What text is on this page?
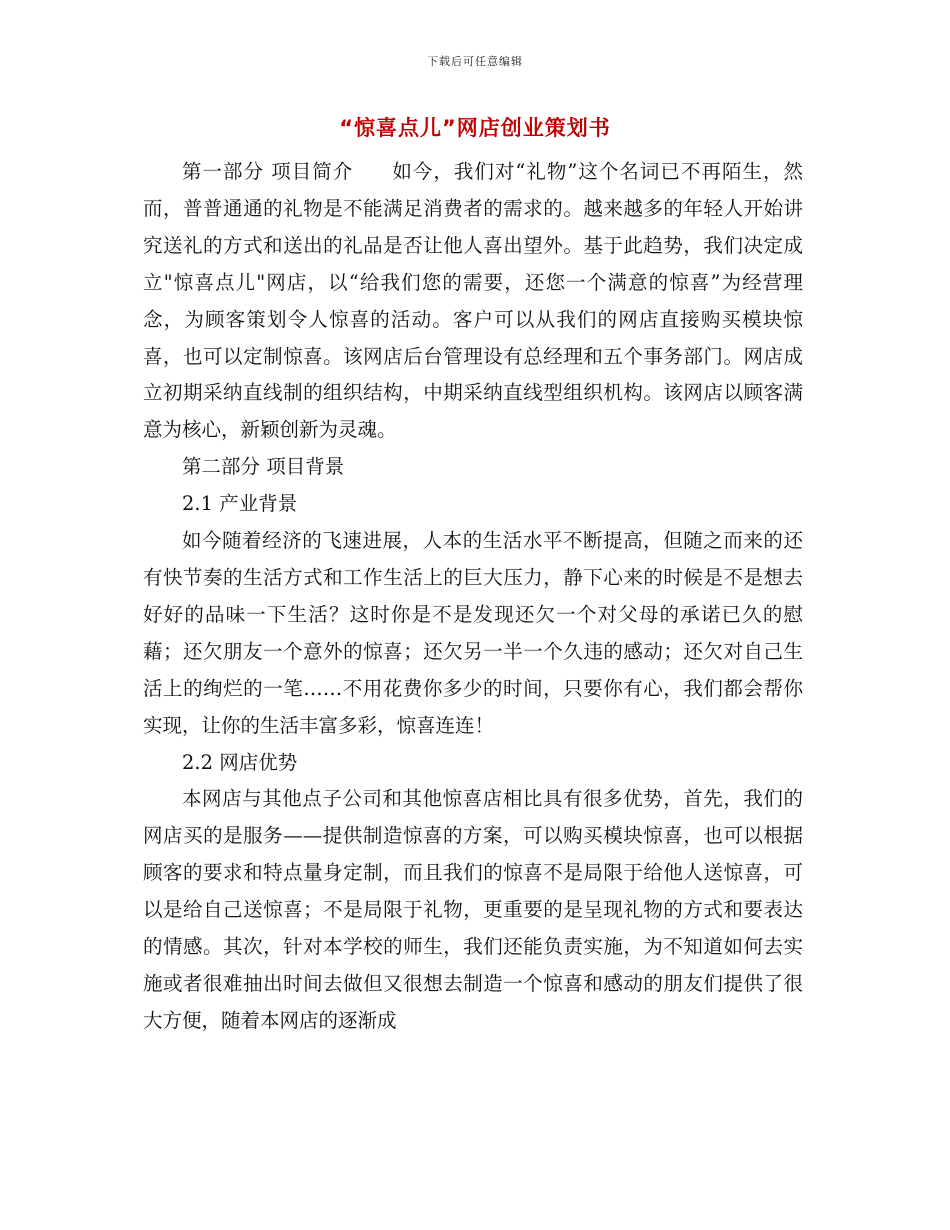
下载后可任意编辑
“惊喜点儿”网店创业策划书

第一部分 项目简介 如今，我们对“礼物”这个名词已不再陌生，然而，普普通通的礼物是不能满足消费者的需求的。越来越多的年轻人开始讲究送礼的方式和送出的礼品是否让他人喜出望外。基于此趋势，我们决定成立"惊喜点儿"网店，以“给我们您的需要，还您一个满意的惊喜”为经营理念，为顾客策划令人惊喜的活动。客户可以从我们的网店直接购买模块惊喜，也可以定制惊喜。该网店后台管理设有总经理和五个事务部门。网店成立初期采纳直线制的组织结构，中期采纳直线型组织机构。该网店以顾客满意为核心，新颖创新为灵魂。

第二部分 项目背景

2.1 产业背景

如今随着经济的飞速进展，人本的生活水平不断提高，但随之而来的还有快节奏的生活方式和工作生活上的巨大压力，静下心来的时候是不是想去好好的品味一下生活？这时你是不是发现还欠一个对父母的承诺已久的慰藉；还欠朋友一个意外的惊喜；还欠另一半一个久违的感动；还欠对自己生活上的绚烂的一笔……不用花费你多少的时间，只要你有心，我们都会帮你实现，让你的生活丰富多彩，惊喜连连！

2.2 网店优势

本网店与其他点子公司和其他惊喜店相比具有很多优势，首先，我们的网店买的是服务——提供制造惊喜的方案，可以购买模块惊喜，也可以根据顾客的要求和特点量身定制，而且我们的惊喜不是局限于给他人送惊喜，可以是给自己送惊喜；不是局限于礼物，更重要的是呈现礼物的方式和要表达的情感。其次，针对本学校的师生，我们还能负责实施，为不知道如何去实施或者很难抽出时间去做但又很想去制造一个惊喜和感动的朋友们提供了很大方便，随着本网店的逐渐成
